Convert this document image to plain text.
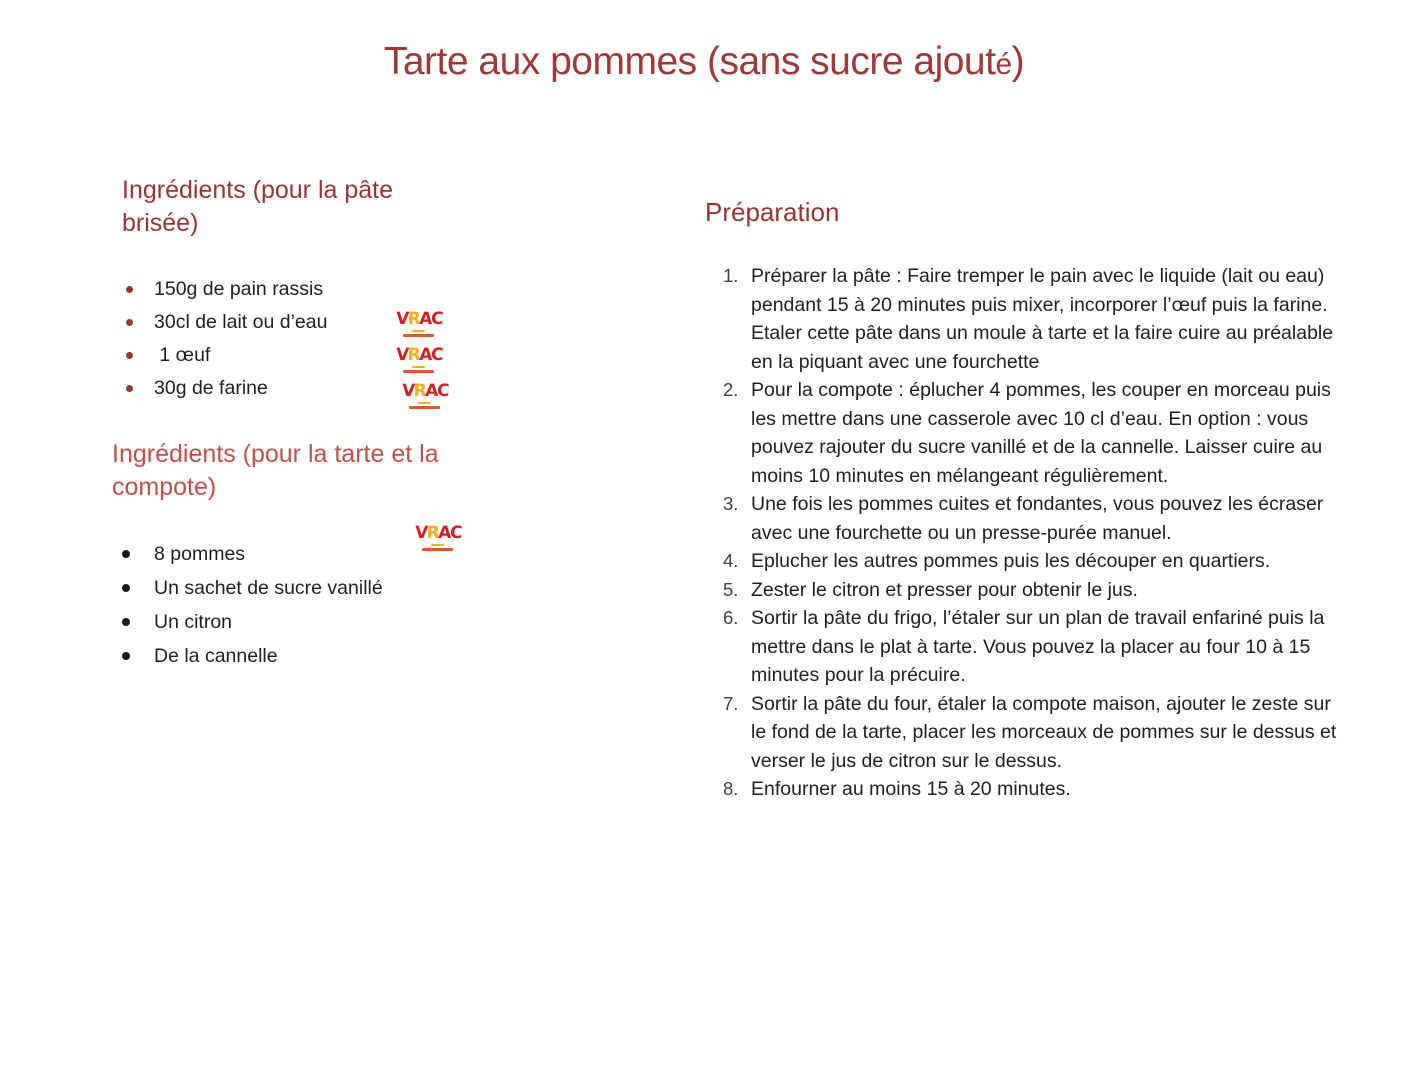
Tarte aux pommes (sans sucre ajouté)
Ingrédients (pour la pâte
brisée)
150g de pain rassis
30cl de lait ou d’eau
1 œuf
30g de farine
Ingrédients (pour la tarte et la
compote)
8 pommes
Un sachet de sucre vanillé
Un citron
De la cannelle
Préparation
1. Préparer la pâte : Faire tremper le pain avec le liquide (lait ou eau) pendant 15 à 20 minutes puis mixer, incorporer l’œuf puis la farine. Etaler cette pâte dans un moule à tarte et la faire cuire au préalable en la piquant avec une fourchette
2. Pour la compote : éplucher 4 pommes, les couper en morceau puis les mettre dans une casserole avec 10 cl d’eau. En option : vous pouvez rajouter du sucre vanillé et de la cannelle. Laisser cuire au moins 10 minutes en mélangeant régulièrement.
3. Une fois les pommes cuites et fondantes, vous pouvez les écraser avec une fourchette ou un presse-purée manuel.
4. Eplucher les autres pommes puis les découper en quartiers.
5. Zester le citron et presser pour obtenir le jus.
6. Sortir la pâte du frigo, l’étaler sur un plan de travail enfariné puis la mettre dans le plat à tarte. Vous pouvez la placer au four 10 à 15 minutes pour la précuire.
7. Sortir la pâte du four, étaler la compote maison, ajouter le zeste sur le fond de la tarte, placer les morceaux de pommes sur le dessus et verser le jus de citron sur le dessus.
8. Enfourner au moins 15 à 20 minutes.
VRAC
VRAC
VRAC
VRAC
